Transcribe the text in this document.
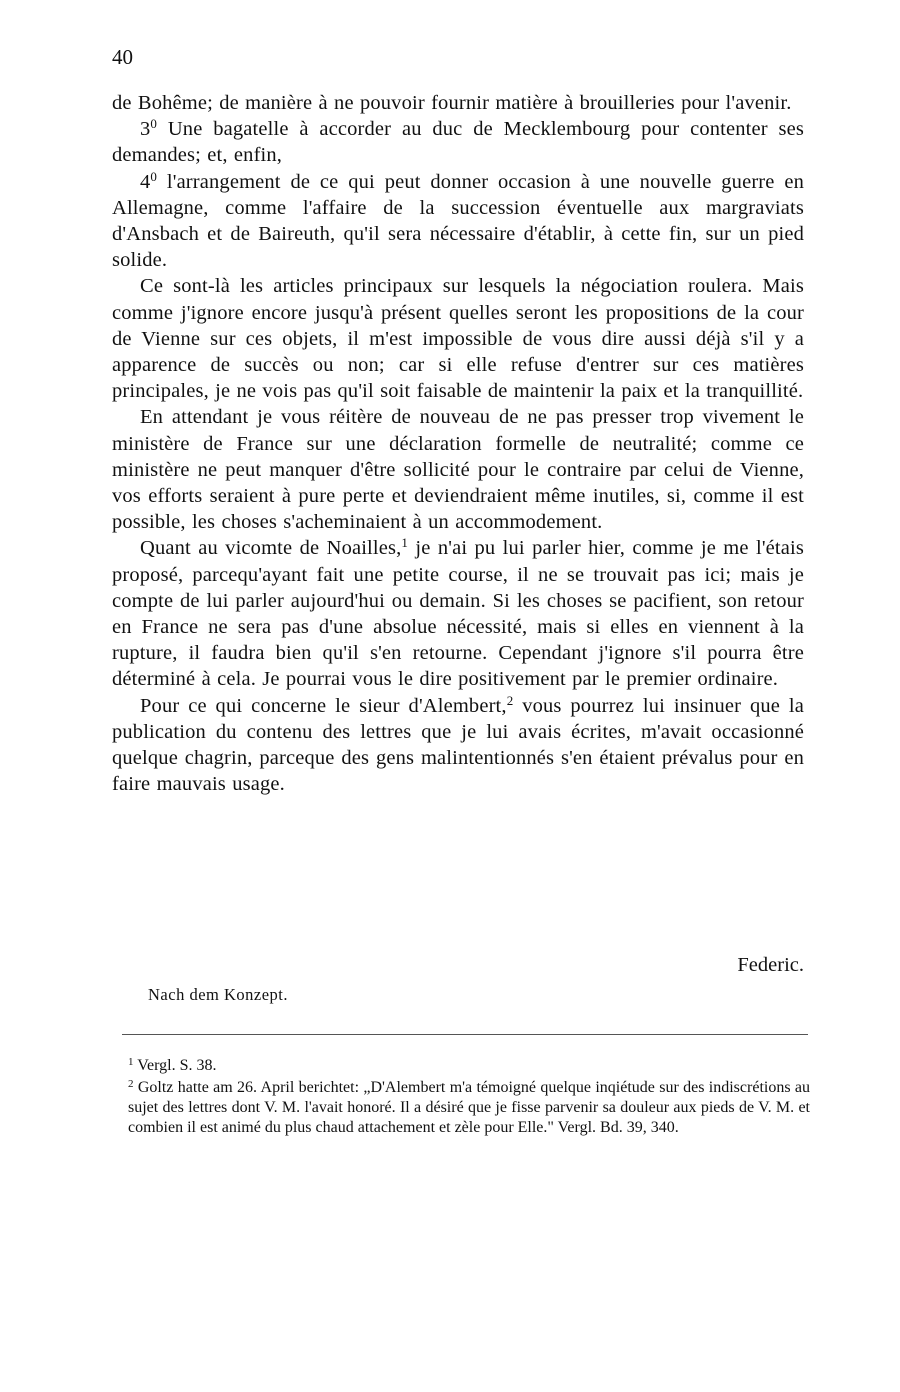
40

de Bohême; de manière à ne pouvoir fournir matière à brouilleries pour l'avenir.

$3^0$ Une bagatelle à accorder au duc de Mecklembourg pour contenter ses demandes; et, enfin,

$4^0$ l'arrangement de ce qui peut donner occasion à une nouvelle guerre en Allemagne, comme l'affaire de la succession éventuelle aux margraviats d'Ansbach et de Baireuth, qu'il sera nécessaire d'établir, à cette fin, sur un pied solide.

Ce sont-là les articles principaux sur lesquels la négociation roulera. Mais comme j'ignore encore jusqu'à présent quelles seront les propositions de la cour de Vienne sur ces objets, il m'est impossible de vous dire aussi déjà s'il y a apparence de succès ou non; car si elle refuse d'entrer sur ces matières principales, je ne vois pas qu'il soit faisable de maintenir la paix et la tranquillité.

En attendant je vous réitère de nouveau de ne pas presser trop vivement le ministère de France sur une déclaration formelle de neutralité; comme ce ministère ne peut manquer d'être sollicité pour le contraire par celui de Vienne, vos efforts seraient à pure perte et deviendraient même inutiles, si, comme il est possible, les choses s'acheminaient à un accommodement.

Quant au vicomte de Noailles,$^1$ je n'ai pu lui parler hier, comme je me l'étais proposé, parcequ'ayant fait une petite course, il ne se trouvait pas ici; mais je compte de lui parler aujourd'hui ou demain. Si les choses se pacifient, son retour en France ne sera pas d'une absolue nécessité, mais si elles en viennent à la rupture, il faudra bien qu'il s'en retourne. Cependant j'ignore s'il pourra être déterminé à cela. Je pourrai vous le dire positivement par le premier ordinaire.

Pour ce qui concerne le sieur d'Alembert,$^2$ vous pourrez lui insinuer que la publication du contenu des lettres que je lui avais écrites, m'avait occasionné quelque chagrin, parceque des gens malintentionnés s'en étaient prévalus pour en faire mauvais usage.

Federic.
Nach dem Konzept.

$^1$ Vergl. S. 38.

$^2$ Goltz hatte am 26. April berichtet: „D'Alembert m'a témoigné quelque inqiétude sur des indiscrétions au sujet des lettres dont V. M. l'avait honoré. Il a désiré que je fisse parvenir sa douleur aux pieds de V. M. et combien il est animé du plus chaud attachement et zèle pour Elle." Vergl. Bd. 39, 340.
